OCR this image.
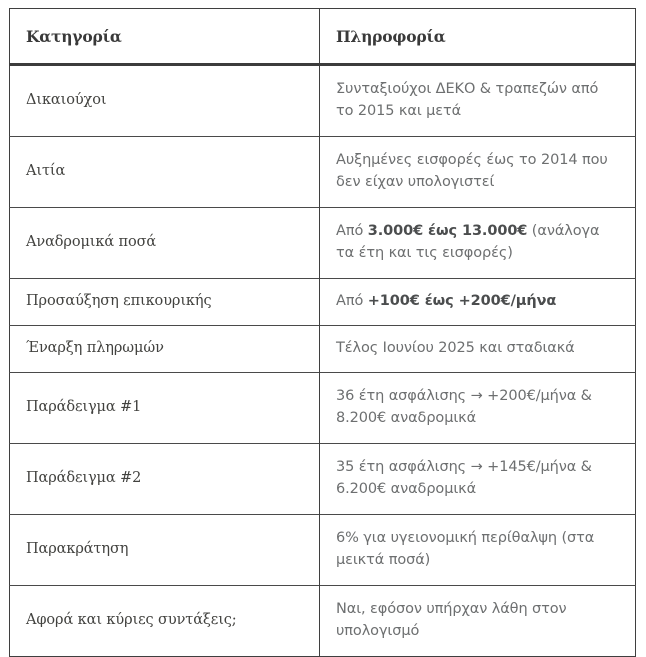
Κατηγορία	Πληροφορία
Δικαιούχοι	Συνταξιούχοι ΔΕΚΟ & τραπεζών από το 2015 και μετά
Αιτία	Αυξημένες εισφορές έως το 2014 που δεν είχαν υπολογιστεί
Αναδρομικά ποσά	Από 3.000€ έως 13.000€ (ανάλογα τα έτη και τις εισφορές)
Προσαύξηση επικουρικής	Από +100€ έως +200€/μήνα
Έναρξη πληρωμών	Τέλος Ιουνίου 2025 και σταδιακά
Παράδειγμα #1	36 έτη ασφάλισης → +200€/μήνα & 8.200€ αναδρομικά
Παράδειγμα #2	35 έτη ασφάλισης → +145€/μήνα & 6.200€ αναδρομικά
Παρακράτηση	6% για υγειονομική περίθαλψη (στα μεικτά ποσά)
Αφορά και κύριες συντάξεις;	Ναι, εφόσον υπήρχαν λάθη στον υπολογισμό
